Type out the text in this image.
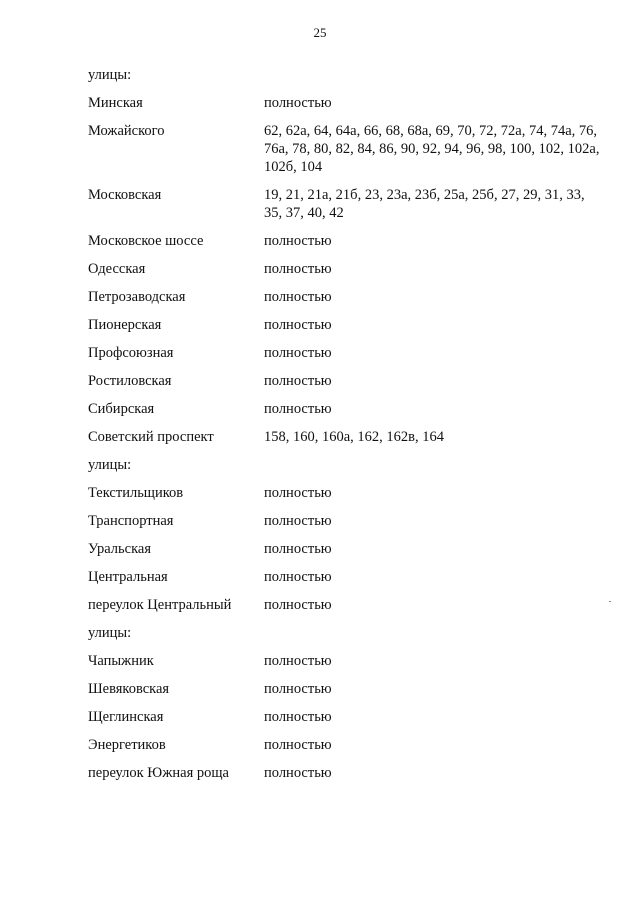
25
улицы:
Минская	полностью
Можайского	62, 62а, 64, 64а, 66, 68, 68а, 69, 70, 72, 72а, 74, 74а, 76, 76а, 78, 80, 82, 84, 86, 90, 92, 94, 96, 98, 100, 102, 102а, 102б, 104
Московская	19, 21, 21а, 21б, 23, 23а, 23б, 25а, 25б, 27, 29, 31, 33, 35, 37, 40, 42
Московское шоссе	полностью
Одесская	полностью
Петрозаводская	полностью
Пионерская	полностью
Профсоюзная	полностью
Ростиловская	полностью
Сибирская	полностью
Советский проспект	158, 160, 160а, 162, 162в, 164
улицы:
Текстильщиков	полностью
Транспортная	полностью
Уральская	полностью
Центральная	полностью
переулок Центральный	полностью
улицы:
Чапыжник	полностью
Шевяковская	полностью
Щеглинская	полностью
Энергетиков	полностью
переулок Южная роща	полностью
